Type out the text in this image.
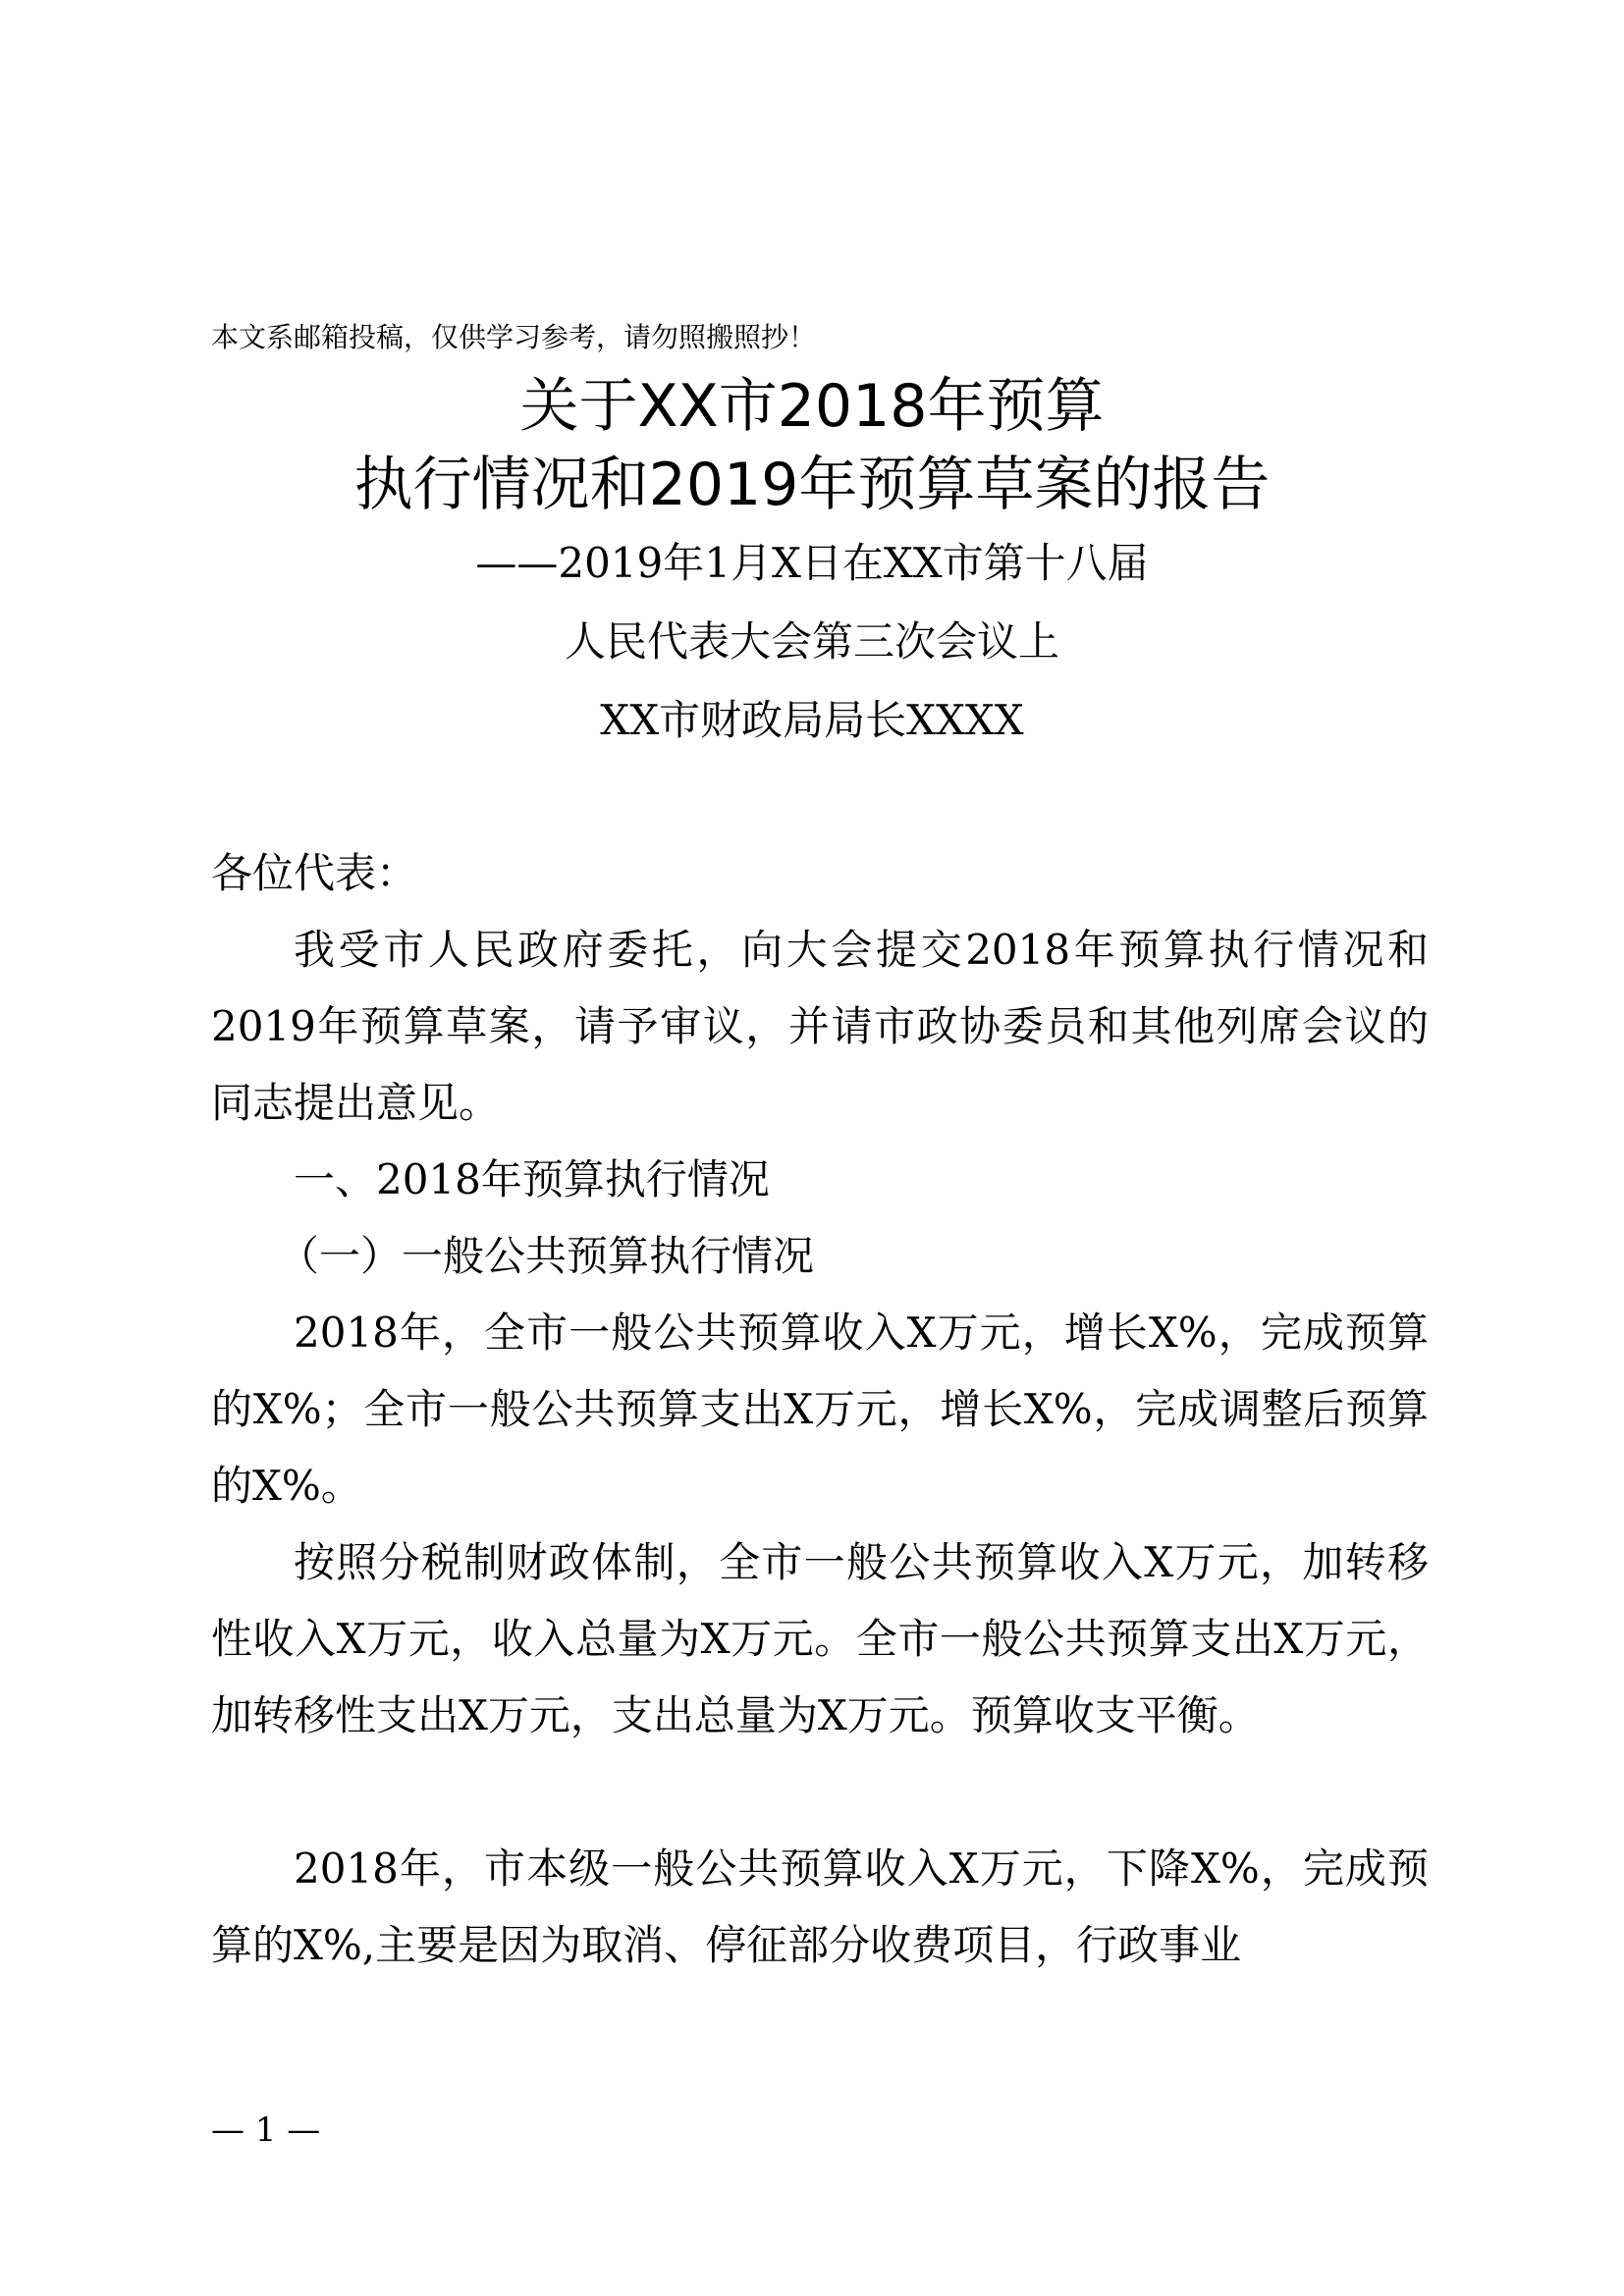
本文系邮箱投稿，仅供学习参考，请勿照搬照抄！
关于XX市2018年预算
执行情况和2019年预算草案的报告
——2019年1月X日在XX市第十八届
人民代表大会第三次会议上
XX市财政局局长XXXX
各位代表：

我受市人民政府委托，向大会提交2018年预算执行情况和2019年预算草案，请予审议，并请市政协委员和其他列席会议的同志提出意见。

一、2018年预算执行情况
（一）一般公共预算执行情况

2018年，全市一般公共预算收入X万元，增长X%，完成预算的X%；全市一般公共预算支出X万元，增长X%，完成调整后预算的X%。

按照分税制财政体制，全市一般公共预算收入X万元，加转移性收入X万元，收入总量为X万元。全市一般公共预算支出X万元，加转移性支出X万元，支出总量为X万元。预算收支平衡。

2018年，市本级一般公共预算收入X万元，下降X%，完成预算的X%,主要是因为取消、停征部分收费项目，行政事业

— 1 —
